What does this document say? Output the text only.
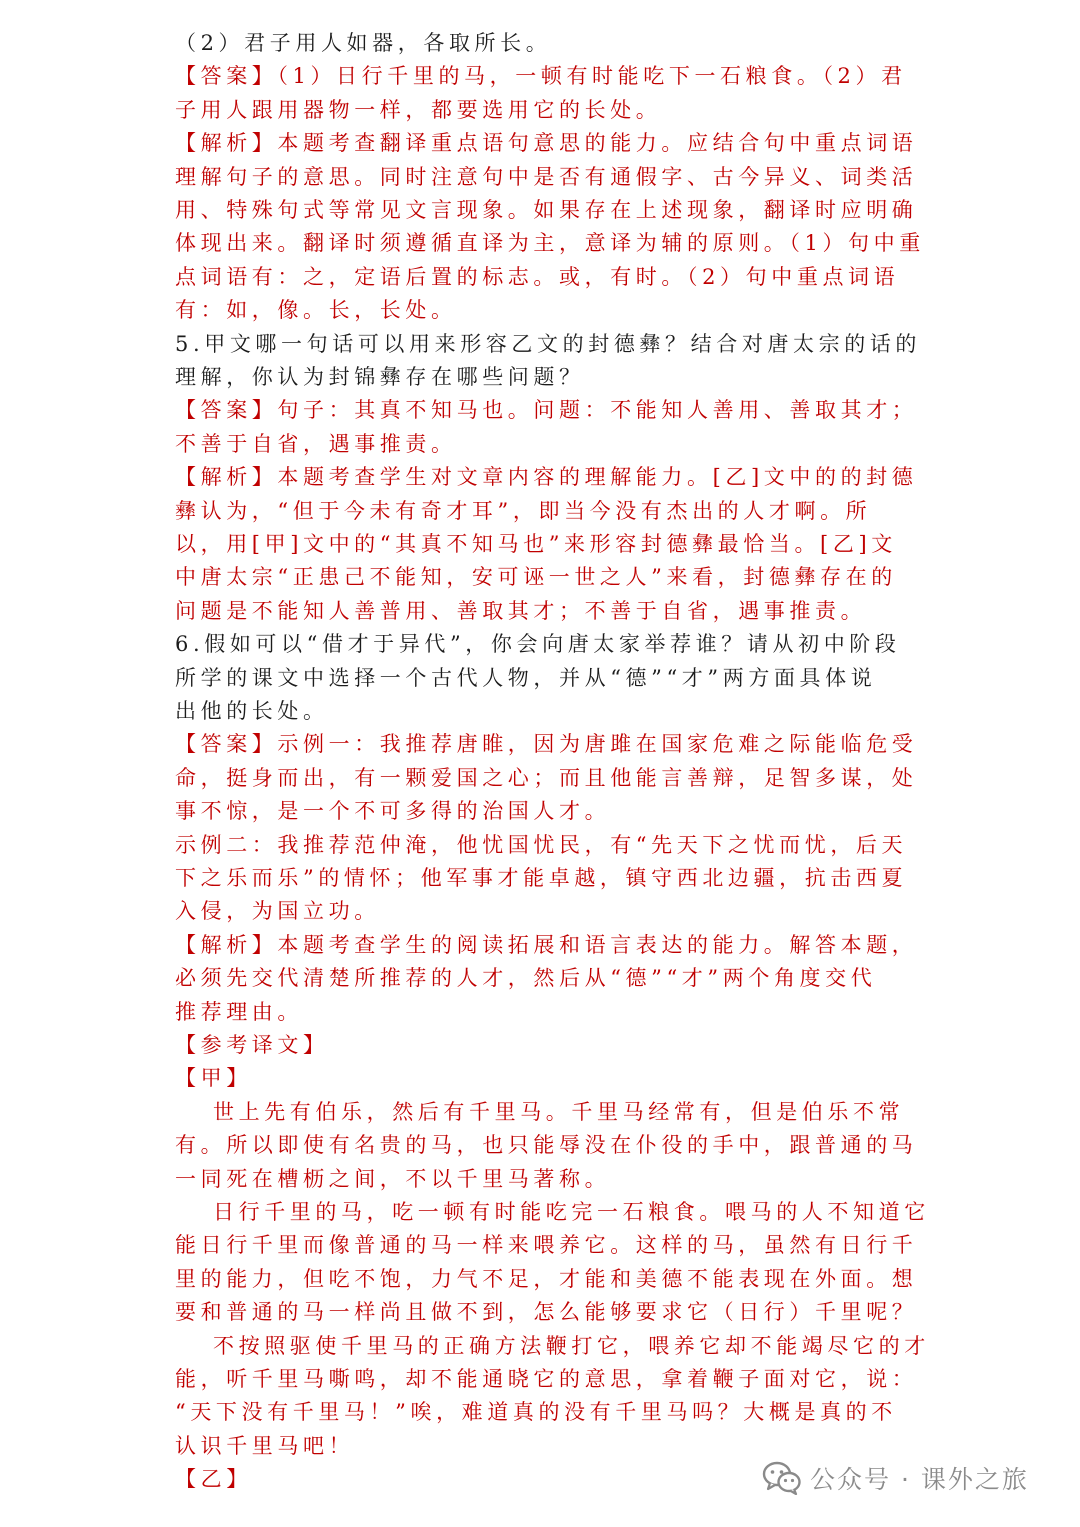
（2）君子用人如器，各取所长。
【答案】（1）日行千里的马，一顿有时能吃下一石粮食。（2）君
子用人跟用器物一样，都要选用它的长处。
【解析】本题考查翻译重点语句意思的能力。应结合句中重点词语
理解句子的意思。同时注意句中是否有通假字、古今异义、词类活
用、特殊句式等常见文言现象。如果存在上述现象，翻译时应明确
体现出来。翻译时须遵循直译为主，意译为辅的原则。（1）句中重
点词语有：之，定语后置的标志。或，有时。（2）句中重点词语
有：如，像。长，长处。
5.甲文哪一句话可以用来形容乙文的封德彝？结合对唐太宗的话的
理解，你认为封锦彝存在哪些问题？
【答案】句子：其真不知马也。问题：不能知人善用、善取其才；
不善于自省，遇事推责。
【解析】本题考查学生对文章内容的理解能力。[乙]文中的的封德
彝认为，“但于今未有奇才耳”，即当今没有杰出的人才啊。所
以，用[甲]文中的“其真不知马也”来形容封德彝最恰当。[乙]文
中唐太宗“正患己不能知，安可诬一世之人”来看，封德彝存在的
问题是不能知人善普用、善取其才；不善于自省，遇事推责。
6.假如可以“借才于异代”，你会向唐太家举荐谁？请从初中阶段
所学的课文中选择一个古代人物，并从“德”“才”两方面具体说
出他的长处。
【答案】示例一：我推荐唐睢，因为唐雎在国家危难之际能临危受
命，挺身而出，有一颗爱国之心；而且他能言善辩，足智多谋，处
事不惊，是一个不可多得的治国人才。
示例二：我推荐范仲淹，他忧国忧民，有“先天下之忧而忧，后天
下之乐而乐”的情怀；他军事才能卓越，镇守西北边疆，抗击西夏
入侵，为国立功。
【解析】本题考查学生的阅读拓展和语言表达的能力。解答本题，
必须先交代清楚所推荐的人才，然后从“德”“才”两个角度交代
推荐理由。
【参考译文】
【甲】
世上先有伯乐，然后有千里马。千里马经常有，但是伯乐不常
有。所以即使有名贵的马，也只能辱没在仆役的手中，跟普通的马
一同死在槽枥之间，不以千里马著称。
日行千里的马，吃一顿有时能吃完一石粮食。喂马的人不知道它
能日行千里而像普通的马一样来喂养它。这样的马，虽然有日行千
里的能力，但吃不饱，力气不足，才能和美德不能表现在外面。想
要和普通的马一样尚且做不到，怎么能够要求它（日行）千里呢？
不按照驱使千里马的正确方法鞭打它，喂养它却不能竭尽它的才
能，听千里马嘶鸣，却不能通晓它的意思，拿着鞭子面对它，说：
“天下没有千里马！”唉，难道真的没有千里马吗？大概是真的不
认识千里马吧！
【乙】	公众号 · 课外之旅
